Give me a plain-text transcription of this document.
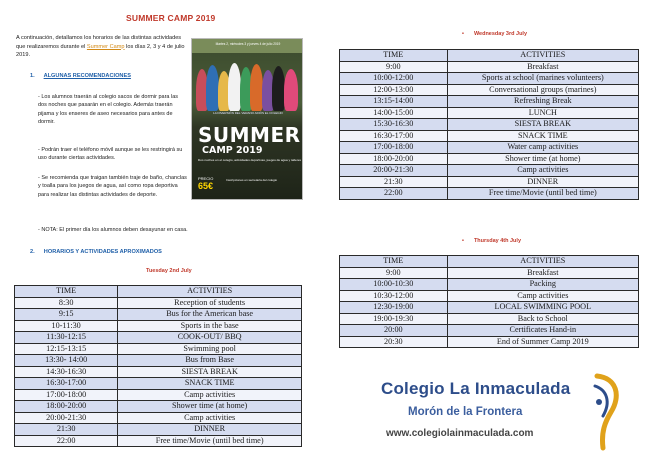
SUMMER CAMP 2019

A continuación, detallamos los horarios de las distintas actividades que realizaremos durante el Summer Camp los días 2, 3 y 4 de julio 2019.

1. ALGUNAS RECOMENDACIONES

- Los alumnos traerán al colegio sacos de dormir para las dos noches que pasarán en el colegio. Además traerán pijama y los enseres de aseo necesarios para antes de dormir.

- Podrán traer el teléfono móvil aunque se les restringirá su uso durante ciertas actividades.

- Se recomienda que traigan también traje de baño, chanclas y toalla para los juegos de agua, así como ropa deportiva para realizar las distintas actividades de deporte.

- NOTA: El primer día los alumnos deben desayunar en casa.

2. HORARIOS Y ACTIVIDADES APROXIMADOS
Martes 2, miércoles 3 y jueves 4 de julio 2019
LA DIVERSIÓN DEL VERANO ADIÓS EL COLEGIO
SUMMER
CAMP 2019
Dos noches en el colegio, actividades deportivas, juegos de agua y talleres
PRECIO
65€
Inscripciones en secretaría del colegio
Tuesday 2nd July
TIME	ACTIVITIES
8:30	Reception of students
9:15	Bus for the American base
10-11:30	Sports in the base
11:30-12:15	COOK-OUT/ BBQ
12:15-13:15	Swimming pool
13:30- 14:00	Bus from Base
14:30-16:30	SIESTA BREAK
16:30-17:00	SNACK TIME
17:00-18:00	Camp activities
18:00-20:00	Shower time (at home)
20:00-21:30	Camp activities
21:30	DINNER
22:00	Free time/Movie (until bed time)
• Wednesday 3rd July
TIME	ACTIVITIES
9:00	Breakfast
10:00-12:00	Sports at school (marines volunteers)
12:00-13:00	Conversational groups (marines)
13:15-14:00	Refreshing Break
14:00-15:00	LUNCH
15:30-16:30	SIESTA BREAK
16:30-17:00	SNACK TIME
17:00-18:00	Water camp activities
18:00-20:00	Shower time (at home)
20:00-21:30	Camp activities
21:30	DINNER
22:00	Free time/Movie (until bed time)
• Thursday 4th July
TIME	ACTIVITIES
9:00	Breakfast
10:00-10:30	Packing
10:30-12:00	Camp activities
12:30-19:00	LOCAL SWIMMING POOL
19:00-19:30	Back to School
20:00	Certificates Hand-in
20:30	End of Summer Camp 2019
Colegio La Inmaculada
Morón de la Frontera
www.colegiolainmaculada.com
